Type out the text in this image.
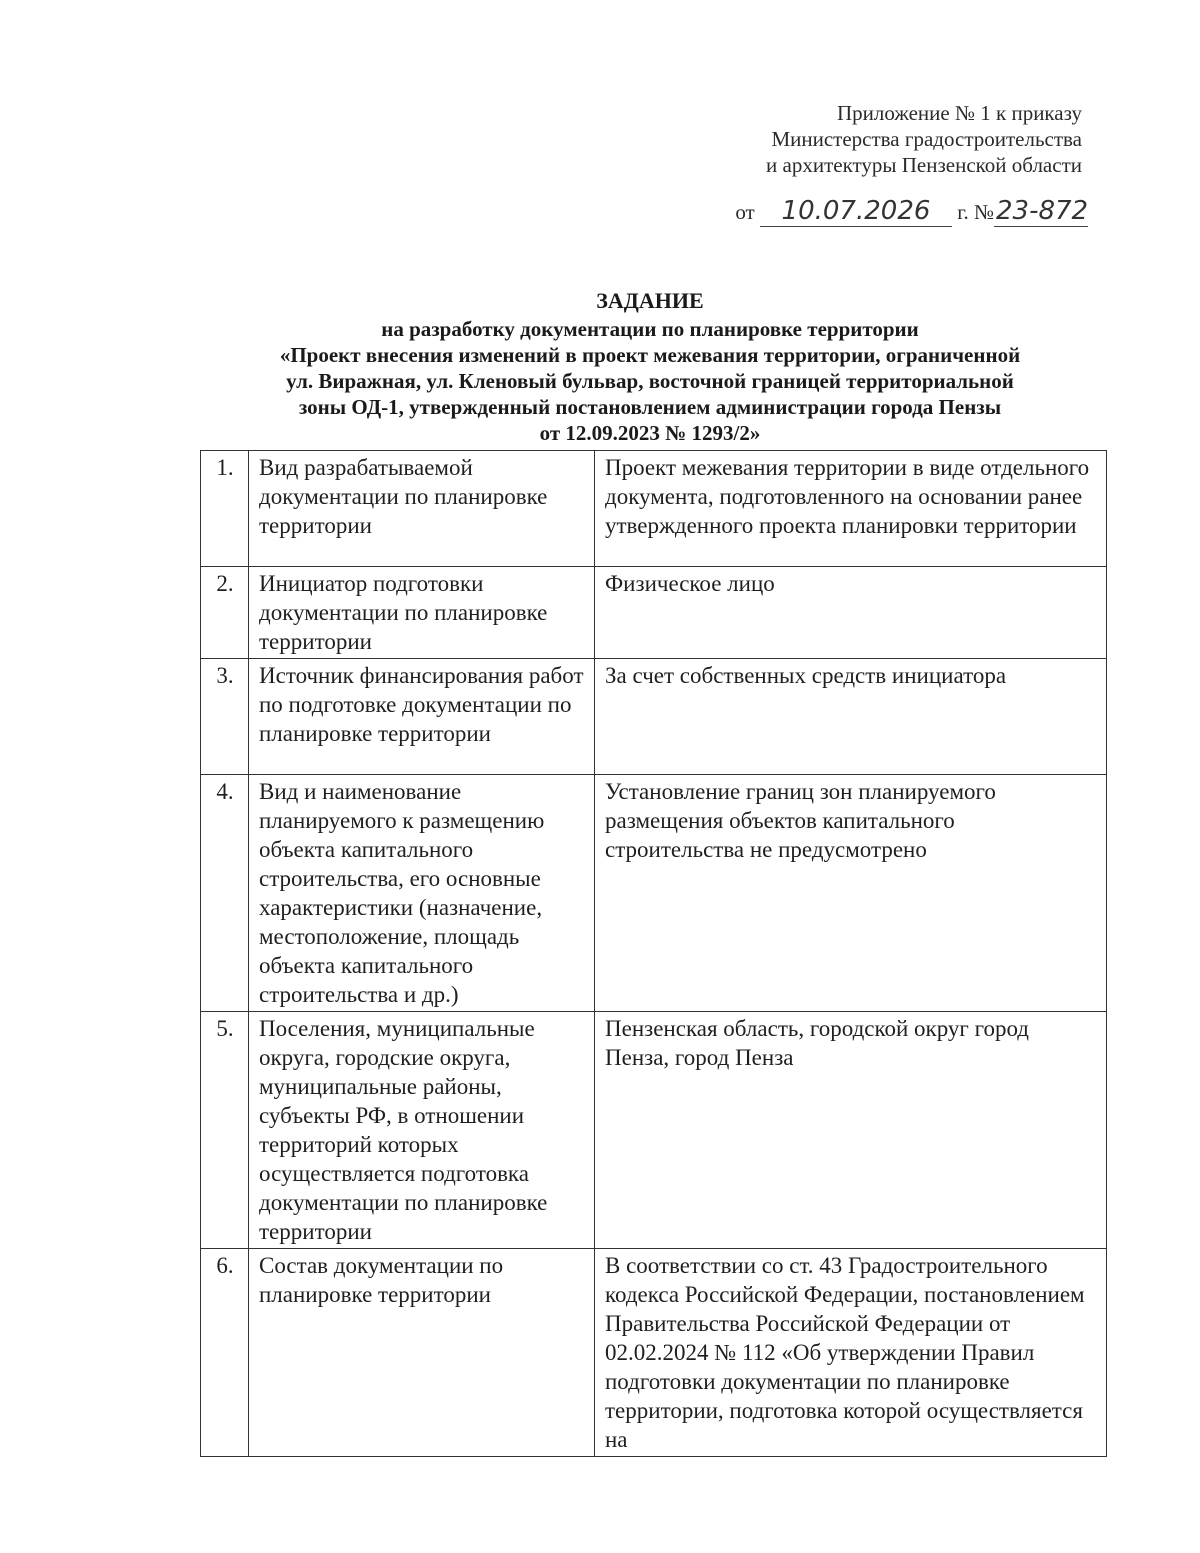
Приложение № 1 к приказу
Министерства градостроительства
и архитектуры Пензенской области
от 10.07.2026 г. №23-872
ЗАДАНИЕ
на разработку документации по планировке территории
«Проект внесения изменений в проект межевания территории, ограниченной
ул. Виражная, ул. Кленовый бульвар, восточной границей территориальной
зоны ОД-1, утвержденный постановлением администрации города Пензы
от 12.09.2023 № 1293/2»
1.	Вид разрабатываемой документации по планировке территории	Проект межевания территории в виде отдельного документа, подготовленного на основании ранее утвержденного проекта планировки территории
2.	Инициатор подготовки документации по планировке территории	Физическое лицо
3.	Источник финансирования работ по подготовке документации по планировке территории	За счет собственных средств инициатора
4.	Вид и наименование планируемого к размещению объекта капитального строительства, его основные характеристики (назначение, местоположение, площадь объекта капитального строительства и др.)	Установление границ зон планируемого размещения объектов капитального строительства не предусмотрено
5.	Поселения, муниципальные округа, городские округа, муниципальные районы, субъекты РФ, в отношении территорий которых осуществляется подготовка документации по планировке территории	Пензенская область, городской округ город Пенза, город Пенза
6.	Состав документации по планировке территории	В соответствии со ст. 43 Градостроительного кодекса Российской Федерации, постановлением Правительства Российской Федерации от 02.02.2024 № 112 «Об утверждении Правил подготовки документации по планировке территории, подготовка которой осуществляется на
